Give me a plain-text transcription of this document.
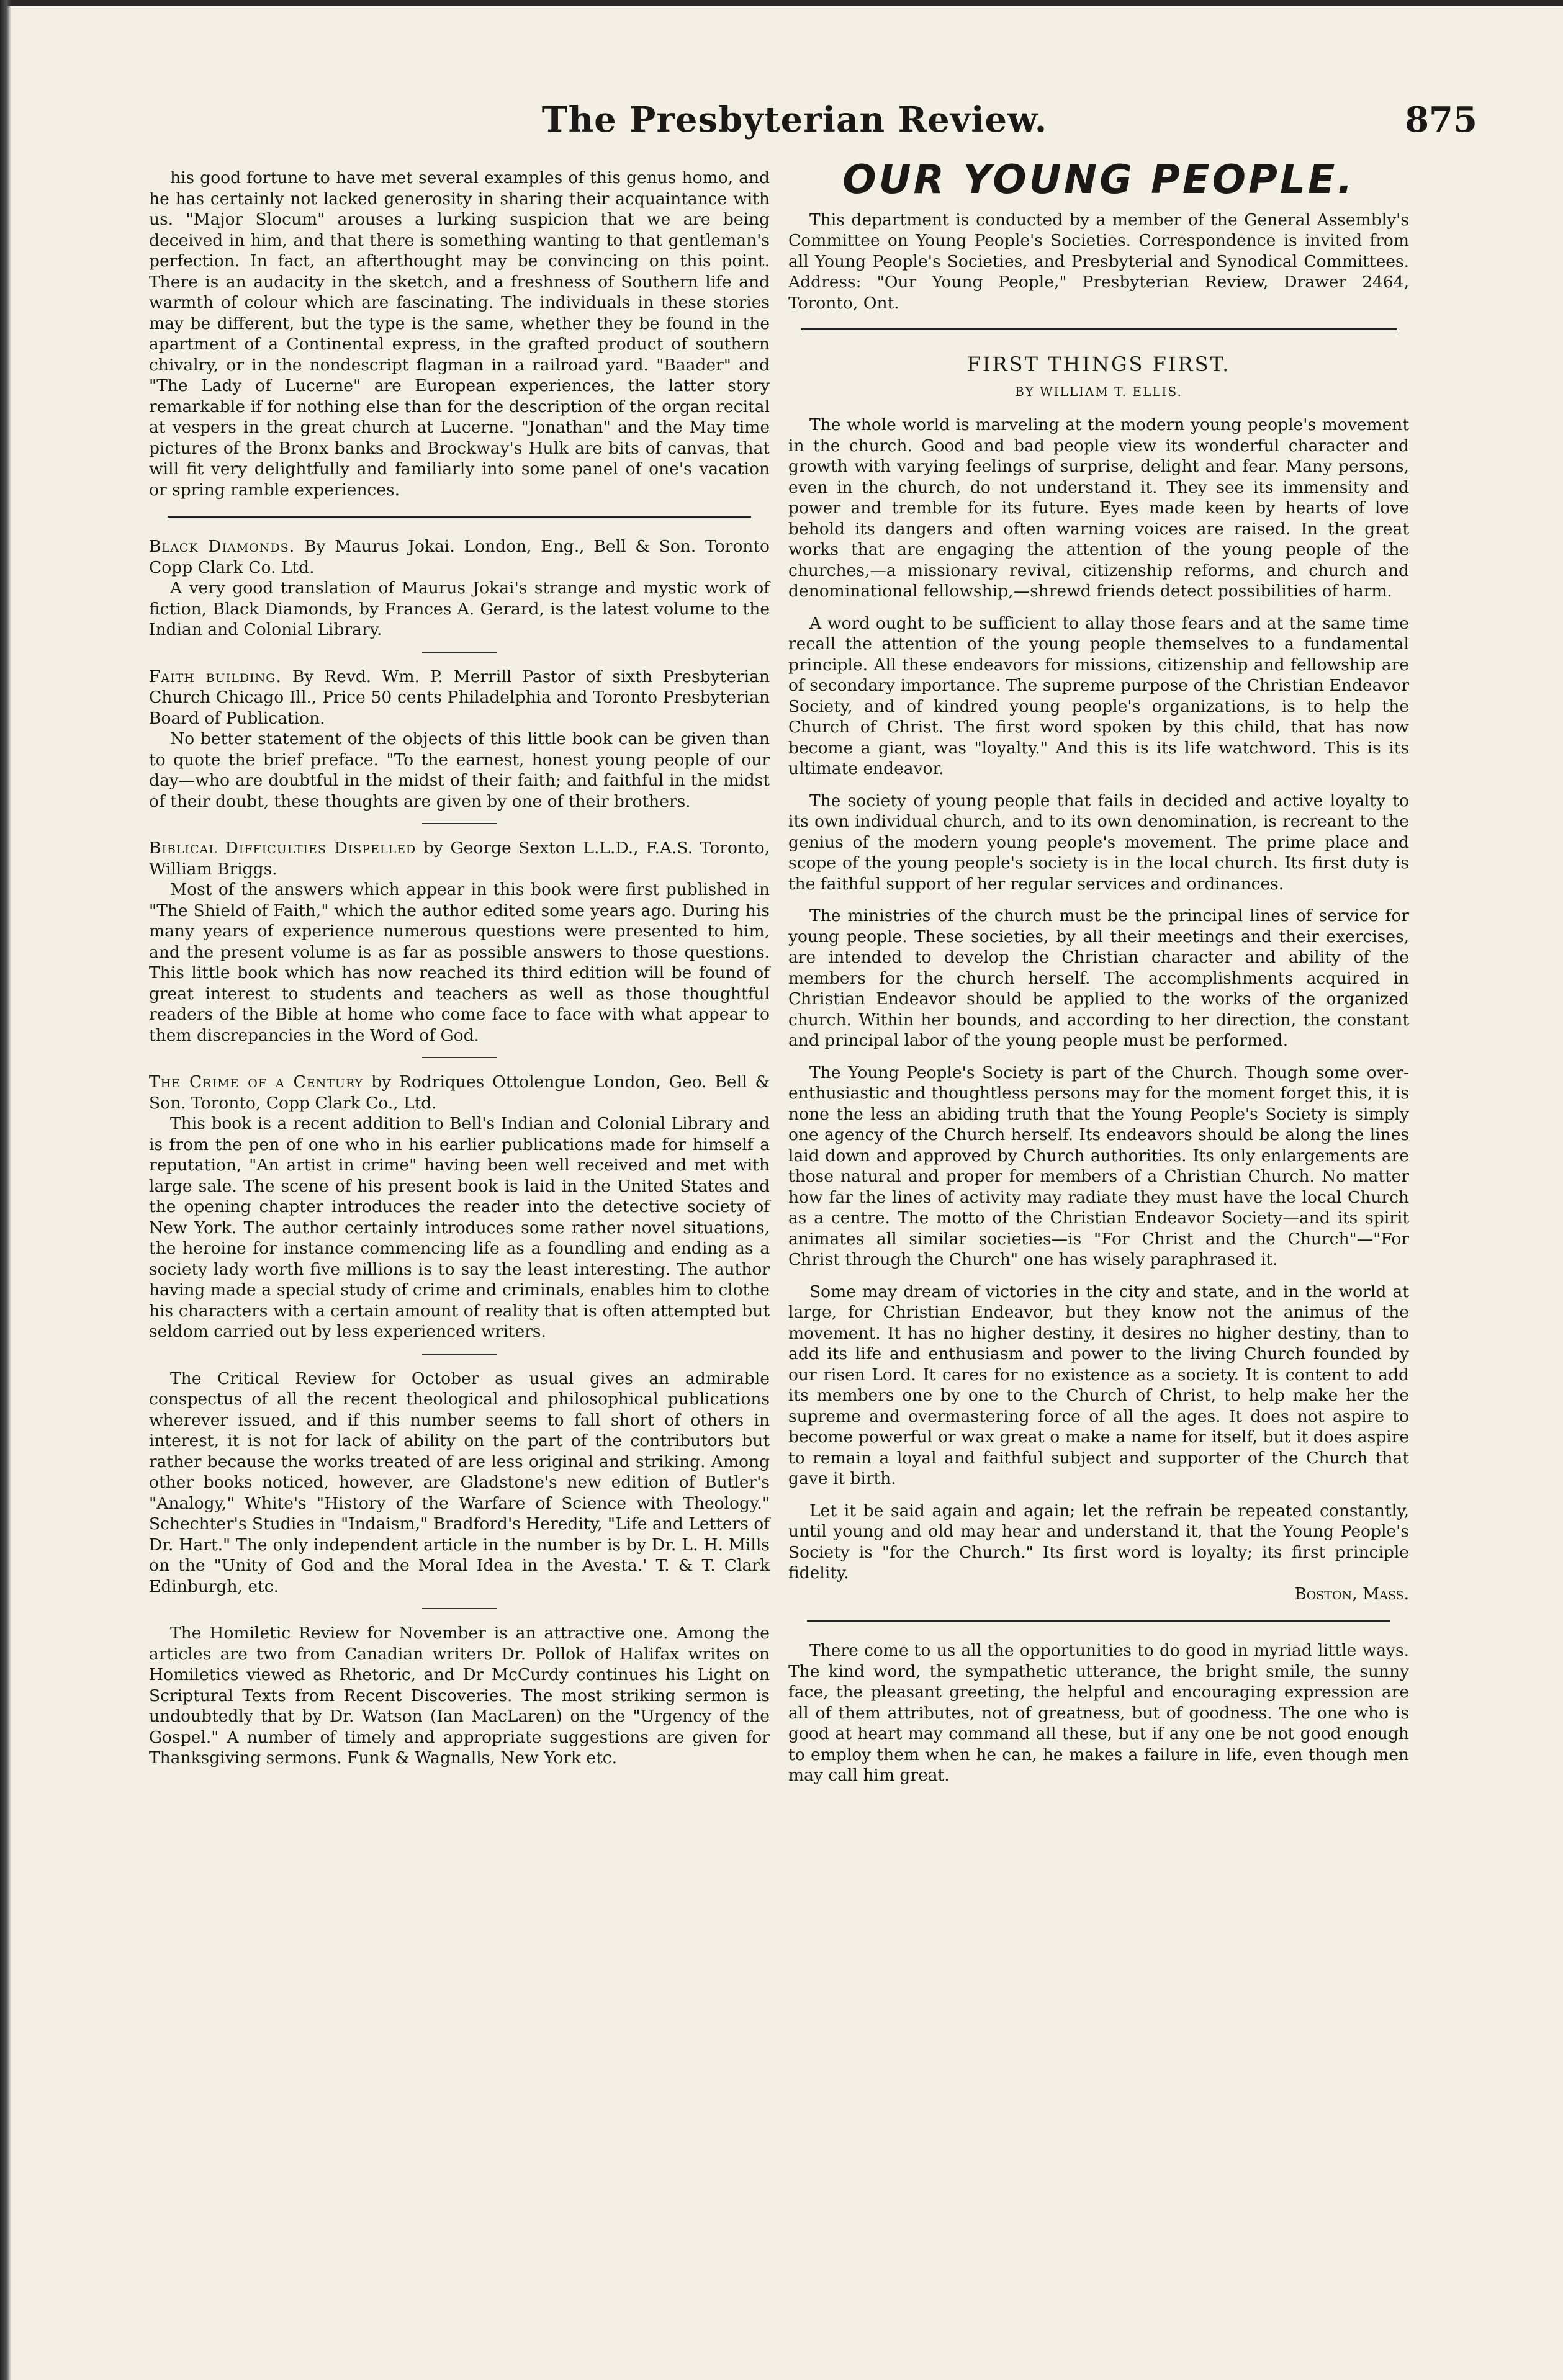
The Presbyterian Review.	875

his good fortune to have met several examples of this genus homo, and he has certainly not lacked generosity in sharing their acquaintance with us. "Major Slocum" arouses a lurking suspicion that we are being deceived in him, and that there is something wanting to that gentleman's perfection. In fact, an afterthought may be convincing on this point. There is an audacity in the sketch, and a freshness of Southern life and warmth of colour which are fascinating. The individuals in these stories may be different, but the type is the same, whether they be found in the apartment of a Continental express, in the grafted product of southern chivalry, or in the nondescript flagman in a railroad yard. "Baader" and "The Lady of Lucerne" are European experiences, the latter story remarkable if for nothing else than for the description of the organ recital at vespers in the great church at Lucerne. "Jonathan" and the May time pictures of the Bronx banks and Brockway's Hulk are bits of canvas, that will fit very delightfully and familiarly into some panel of one's vacation or spring ramble experiences.

Black Diamonds. By Maurus Jokai. London, Eng., Bell & Son. Toronto Copp Clark Co. Ltd.

A very good translation of Maurus Jokai's strange and mystic work of fiction, Black Diamonds, by Frances A. Gerard, is the latest volume to the Indian and Colonial Library.

Faith building. By Revd. Wm. P. Merrill Pastor of sixth Presbyterian Church Chicago Ill., Price 50 cents Philadelphia and Toronto Presbyterian Board of Publication.

No better statement of the objects of this little book can be given than to quote the brief preface. "To the earnest, honest young people of our day—who are doubtful in the midst of their faith; and faithful in the midst of their doubt, these thoughts are given by one of their brothers.

Biblical Difficulties Dispelled by George Sexton L.L.D., F.A.S. Toronto, William Briggs.

Most of the answers which appear in this book were first published in "The Shield of Faith," which the author edited some years ago. During his many years of experience numerous questions were presented to him, and the present volume is as far as possible answers to those questions. This little book which has now reached its third edition will be found of great interest to students and teachers as well as those thoughtful readers of the Bible at home who come face to face with what appear to them discrepancies in the Word of God.

The Crime of a Century by Rodriques Ottolengue London, Geo. Bell & Son. Toronto, Copp Clark Co., Ltd.

This book is a recent addition to Bell's Indian and Colonial Library and is from the pen of one who in his earlier publications made for himself a reputation, "An artist in crime" having been well received and met with large sale. The scene of his present book is laid in the United States and the opening chapter introduces the reader into the detective society of New York. The author certainly introduces some rather novel situations, the heroine for instance commencing life as a foundling and ending as a society lady worth five millions is to say the least interesting. The author having made a special study of crime and criminals, enables him to clothe his characters with a certain amount of reality that is often attempted but seldom carried out by less experienced writers.

The Critical Review for October as usual gives an admirable conspectus of all the recent theological and philosophical publications wherever issued, and if this number seems to fall short of others in interest, it is not for lack of ability on the part of the contributors but rather because the works treated of are less original and striking. Among other books noticed, however, are Gladstone's new edition of Butler's "Analogy," White's "History of the Warfare of Science with Theology." Schechter's Studies in "Indaism," Bradford's Heredity, "Life and Letters of Dr. Hart." The only independent article in the number is by Dr. L. H. Mills on the "Unity of God and the Moral Idea in the Avesta.' T. & T. Clark Edinburgh, etc.

The Homiletic Review for November is an attractive one. Among the articles are two from Canadian writers Dr. Pollok of Halifax writes on Homiletics viewed as Rhetoric, and Dr McCurdy continues his Light on Scriptural Texts from Recent Discoveries. The most striking sermon is undoubtedly that by Dr. Watson (Ian MacLaren) on the "Urgency of the Gospel." A number of timely and appropriate suggestions are given for Thanksgiving sermons. Funk & Wagnalls, New York etc.

OUR YOUNG PEOPLE.

This department is conducted by a member of the General Assembly's Committee on Young People's Societies. Correspondence is invited from all Young People's Societies, and Presbyterial and Synodical Committees. Address: "Our Young People," Presbyterian Review, Drawer 2464, Toronto, Ont.

FIRST THINGS FIRST.
BY WILLIAM T. ELLIS.

The whole world is marveling at the modern young people's movement in the church. Good and bad people view its wonderful character and growth with varying feelings of surprise, delight and fear. Many persons, even in the church, do not understand it. They see its immensity and power and tremble for its future. Eyes made keen by hearts of love behold its dangers and often warning voices are raised. In the great works that are engaging the attention of the young people of the churches,—a missionary revival, citizenship reforms, and church and denominational fellowship,—shrewd friends detect possibilities of harm.

A word ought to be sufficient to allay those fears and at the same time recall the attention of the young people themselves to a fundamental principle. All these endeavors for missions, citizenship and fellowship are of secondary importance. The supreme purpose of the Christian Endeavor Society, and of kindred young people's organizations, is to help the Church of Christ. The first word spoken by this child, that has now become a giant, was "loyalty." And this is its life watchword. This is its ultimate endeavor.

The society of young people that fails in decided and active loyalty to its own individual church, and to its own denomination, is recreant to the genius of the modern young people's movement. The prime place and scope of the young people's society is in the local church. Its first duty is the faithful support of her regular services and ordinances.

The ministries of the church must be the principal lines of service for young people. These societies, by all their meetings and their exercises, are intended to develop the Christian character and ability of the members for the church herself. The accomplishments acquired in Christian Endeavor should be applied to the works of the organized church. Within her bounds, and according to her direction, the constant and principal labor of the young people must be performed.

The Young People's Society is part of the Church. Though some over-enthusiastic and thoughtless persons may for the moment forget this, it is none the less an abiding truth that the Young People's Society is simply one agency of the Church herself. Its endeavors should be along the lines laid down and approved by Church authorities. Its only enlargements are those natural and proper for members of a Christian Church. No matter how far the lines of activity may radiate they must have the local Church as a centre. The motto of the Christian Endeavor Society—and its spirit animates all similar societies—is "For Christ and the Church"—"For Christ through the Church" one has wisely paraphrased it.

Some may dream of victories in the city and state, and in the world at large, for Christian Endeavor, but they know not the animus of the movement. It has no higher destiny, it desires no higher destiny, than to add its life and enthusiasm and power to the living Church founded by our risen Lord. It cares for no existence as a society. It is content to add its members one by one to the Church of Christ, to help make her the supreme and overmastering force of all the ages. It does not aspire to become powerful or wax great o make a name for itself, but it does aspire to remain a loyal and faithful subject and supporter of the Church that gave it birth.

Let it be said again and again; let the refrain be repeated constantly, until young and old may hear and understand it, that the Young People's Society is "for the Church." Its first word is loyalty; its first principle fidelity.

Boston, Mass.

There come to us all the opportunities to do good in myriad little ways. The kind word, the sympathetic utterance, the bright smile, the sunny face, the pleasant greeting, the helpful and encouraging expression are all of them attributes, not of greatness, but of goodness. The one who is good at heart may command all these, but if any one be not good enough to employ them when he can, he makes a failure in life, even though men may call him great.
